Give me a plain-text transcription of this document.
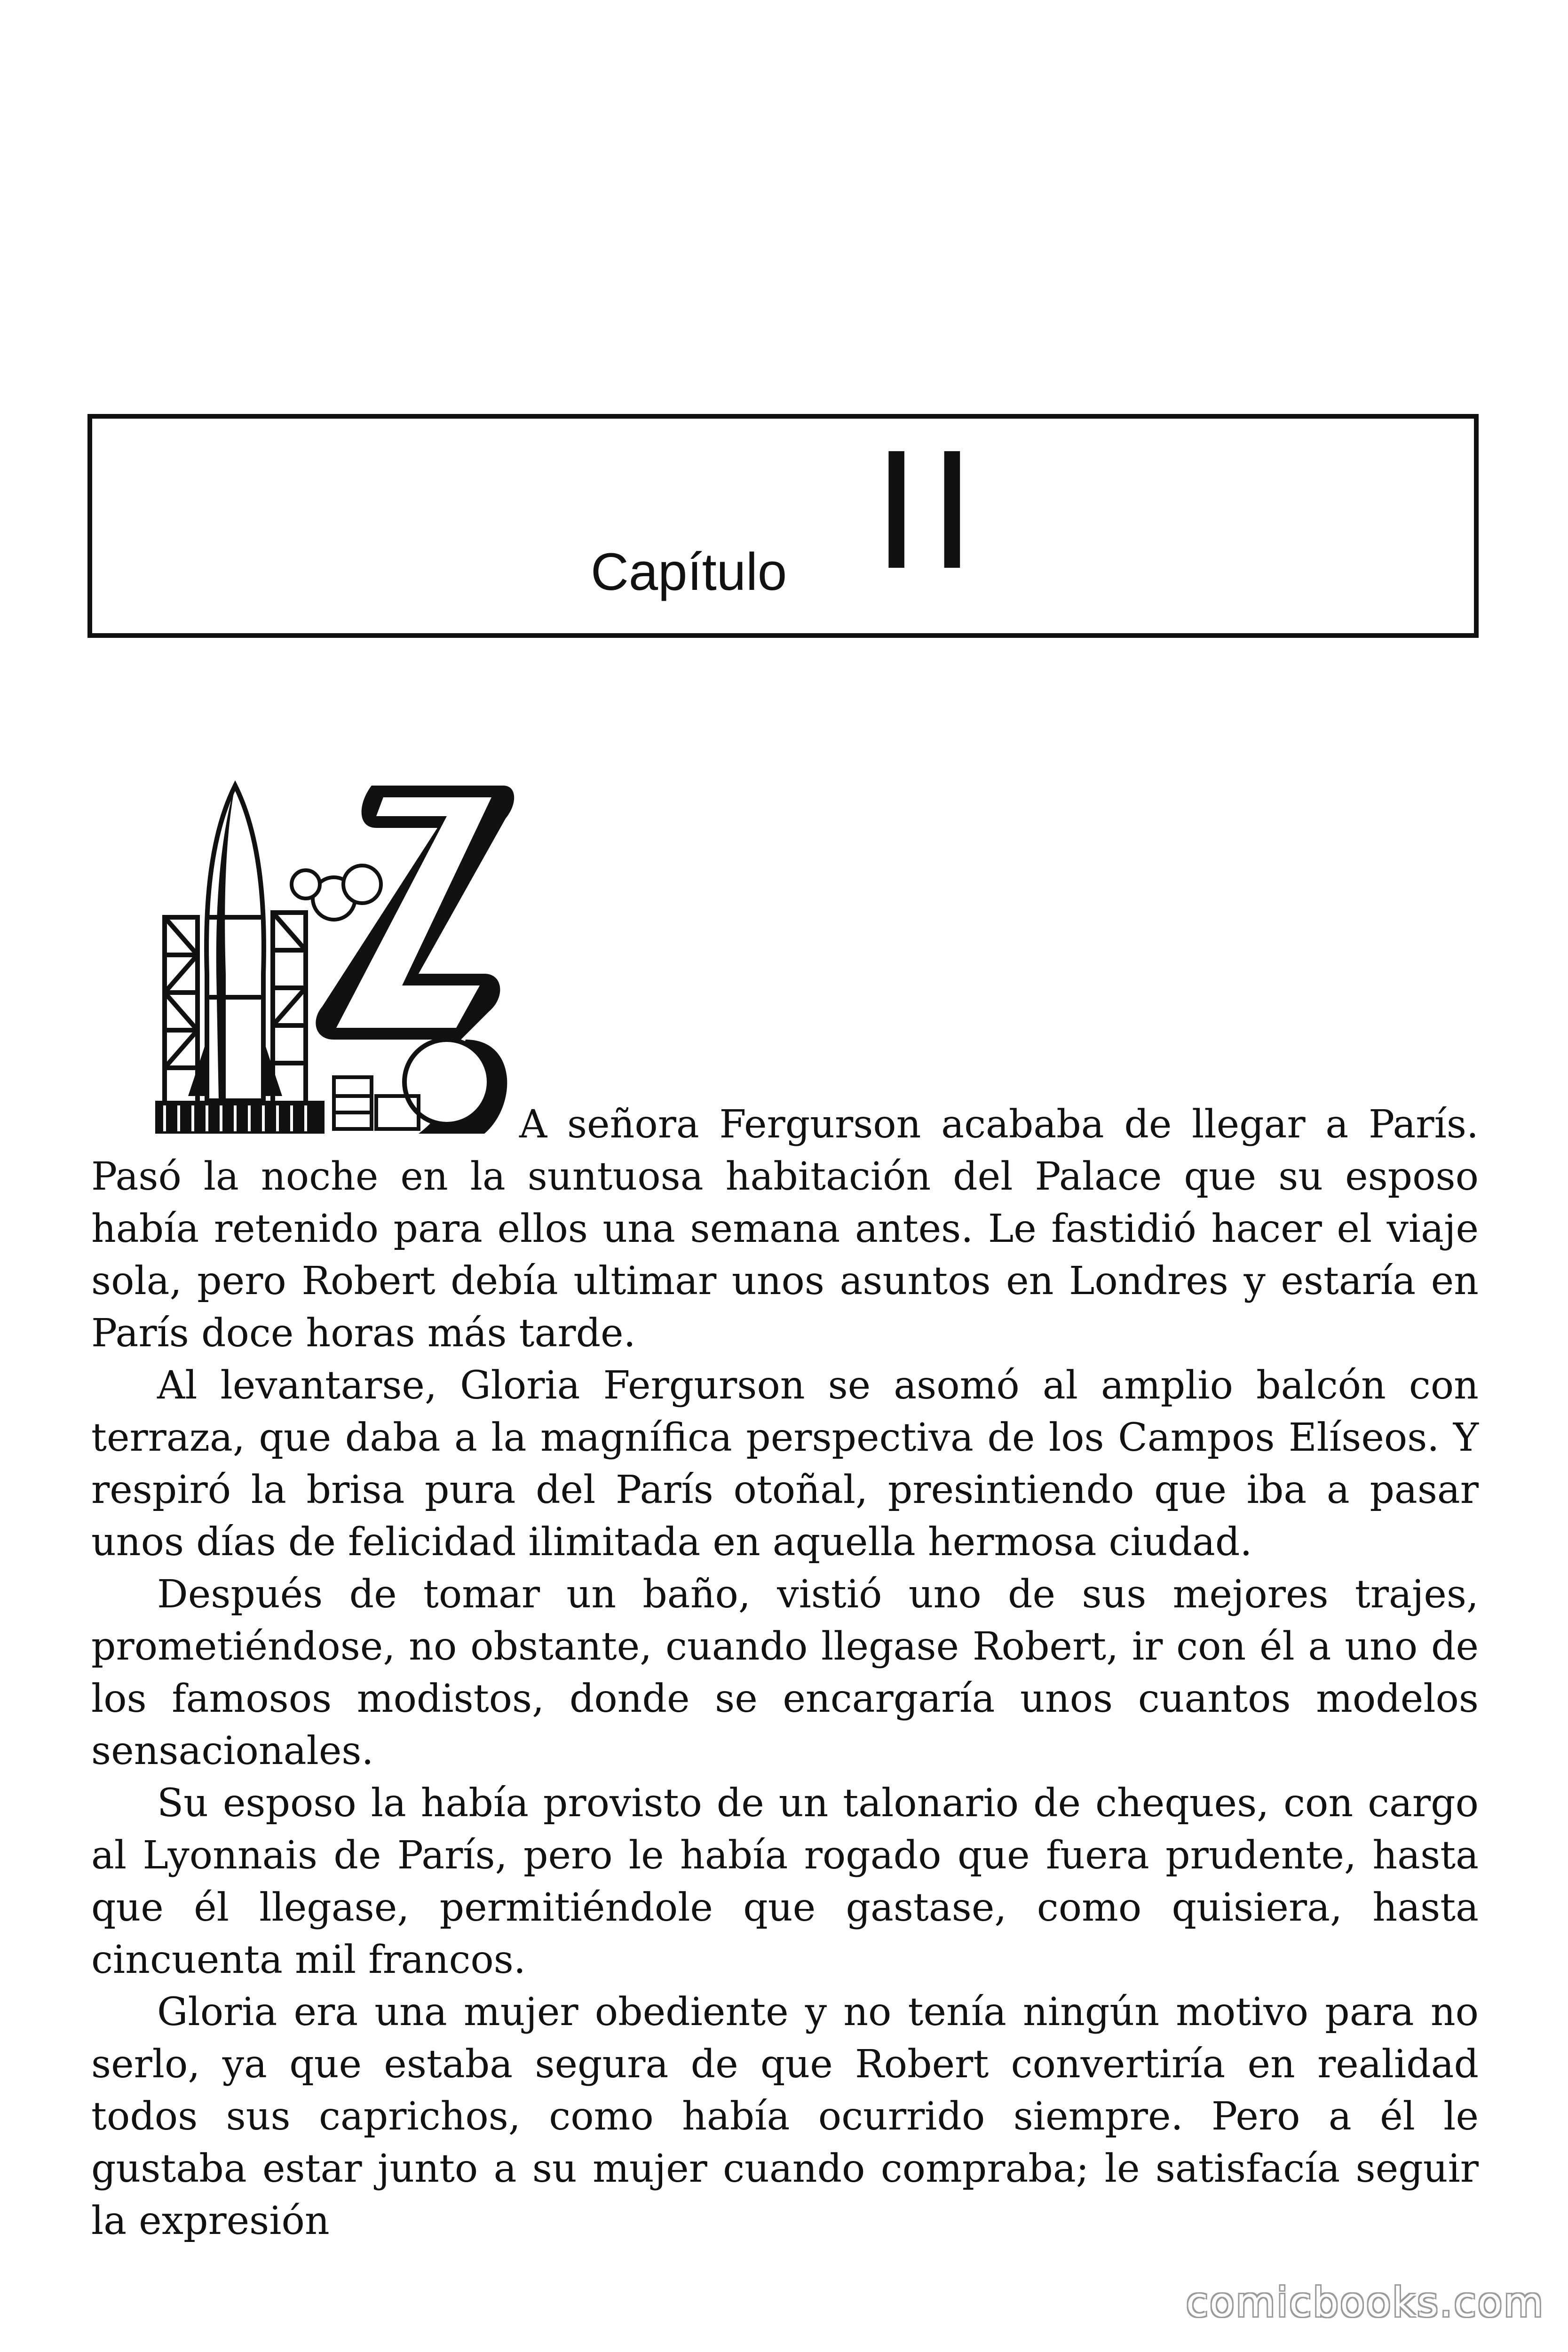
Capítulo II

A señora Fergurson acababa de llegar a París. Pasó la noche en la suntuosa habitación del Palace que su esposo había retenido para ellos una semana antes. Le fastidió hacer el viaje sola, pero Robert debía ultimar unos asuntos en Londres y estaría en París doce horas más tarde.

Al levantarse, Gloria Fergurson se asomó al amplio balcón con terraza, que daba a la magnífica perspectiva de los Campos Elíseos. Y respiró la brisa pura del París otoñal, presintiendo que iba a pasar unos días de felicidad ilimitada en aquella hermosa ciudad.

Después de tomar un baño, vistió uno de sus mejores trajes, prometiéndose, no obstante, cuando llegase Robert, ir con él a uno de los famosos modistos, donde se encargaría unos cuantos modelos sensacionales.

Su esposo la había provisto de un talonario de cheques, con cargo al Lyonnais de París, pero le había rogado que fuera prudente, hasta que él llegase, permitiéndole que gastase, como quisiera, hasta cincuenta mil francos.

Gloria era una mujer obediente y no tenía ningún motivo para no serlo, ya que estaba segura de que Robert convertiría en realidad todos sus caprichos, como había ocurrido siempre. Pero a él le gustaba estar junto a su mujer cuando compraba; le satisfacía seguir la expresión

comicbooks.com
